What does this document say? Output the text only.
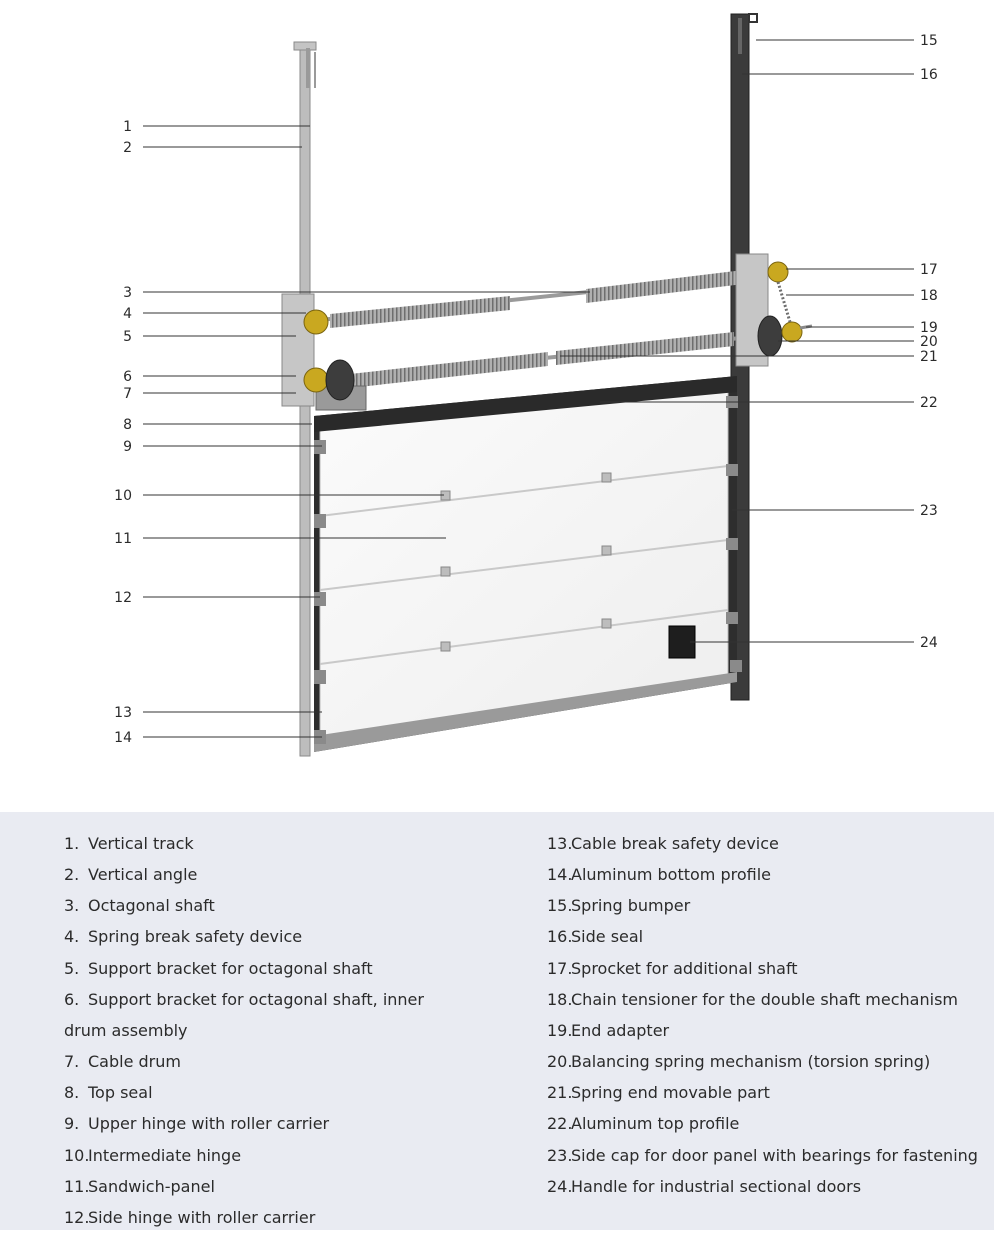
1
2
3
4
5
6
7
8
9
10
11
12
13
14
15
16
17
18
19
20
21
22
23
24
1. Vertical track
2. Vertical angle
3. Octagonal shaft
4. Spring break safety device
5. Support bracket for octagonal shaft
6. Support bracket for octagonal shaft, inner
drum assembly
7. Cable drum
8. Top seal
9. Upper hinge with roller carrier
10.Intermediate hinge
11.Sandwich-panel
12.Side hinge with roller carrier
13.Cable break safety device
14.Aluminum bottom profile
15.Spring bumper
16.Side seal
17.Sprocket for additional shaft
18.Chain tensioner for the double shaft mechanism
19.End adapter
20.Balancing spring mechanism (torsion spring)
21.Spring end movable part
22.Aluminum top profile
23.Side cap for door panel with bearings for fastening
24.Handle for industrial sectional doors
